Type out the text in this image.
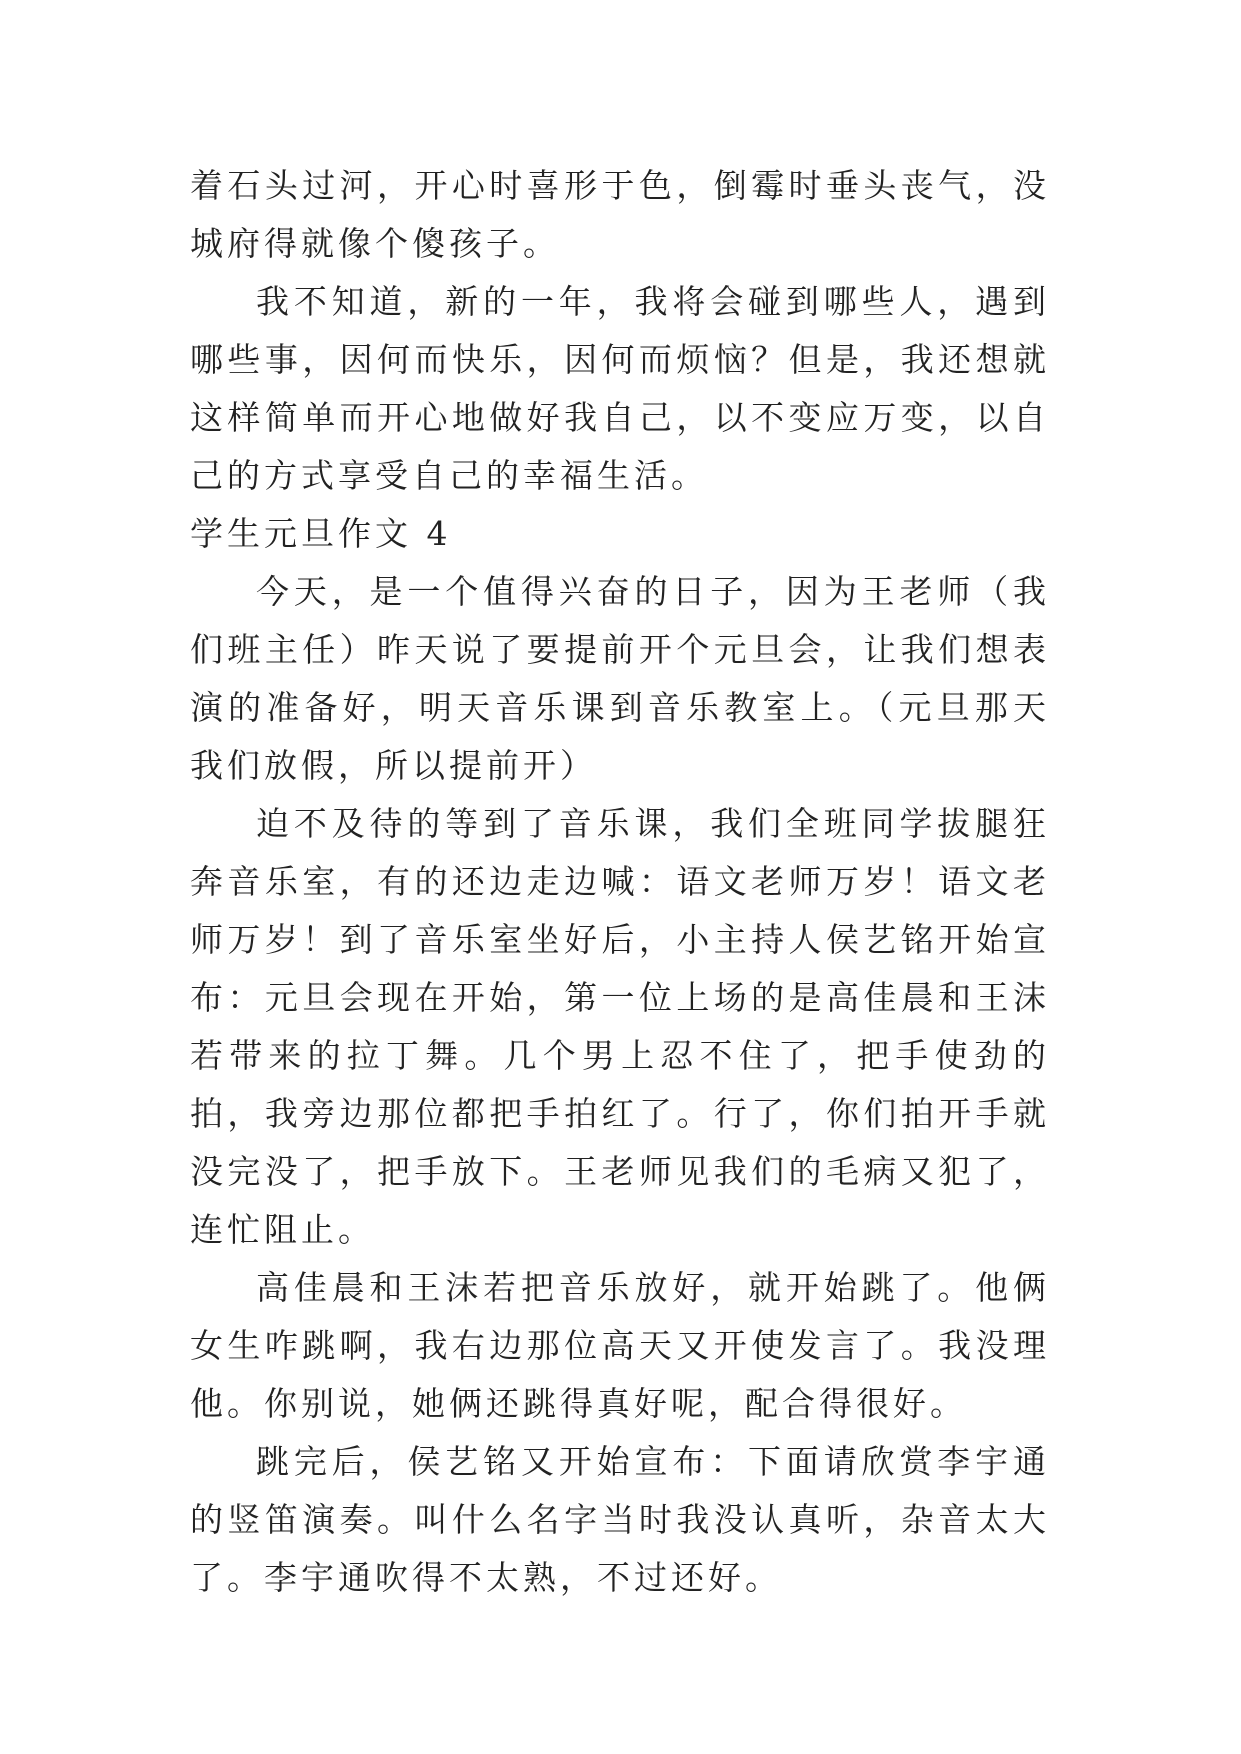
着石头过河，开心时喜形于色，倒霉时垂头丧气，没城府得就像个傻孩子。

我不知道，新的一年，我将会碰到哪些人，遇到哪些事，因何而快乐，因何而烦恼？但是，我还想就这样简单而开心地做好我自己，以不变应万变，以自己的方式享受自己的幸福生活。

学生元旦作文 4

今天，是一个值得兴奋的日子，因为王老师（我们班主任）昨天说了要提前开个元旦会，让我们想表演的准备好，明天音乐课到音乐教室上。（元旦那天我们放假，所以提前开）

迫不及待的等到了音乐课，我们全班同学拔腿狂奔音乐室，有的还边走边喊：语文老师万岁！语文老师万岁！到了音乐室坐好后，小主持人侯艺铭开始宣布：元旦会现在开始，第一位上场的是高佳晨和王沫若带来的拉丁舞。几个男上忍不住了，把手使劲的拍，我旁边那位都把手拍红了。行了，你们拍开手就没完没了，把手放下。王老师见我们的毛病又犯了，连忙阻止。

高佳晨和王沫若把音乐放好，就开始跳了。他俩女生咋跳啊，我右边那位高天又开使发言了。我没理他。你别说，她俩还跳得真好呢，配合得很好。

跳完后，侯艺铭又开始宣布：下面请欣赏李宇通的竖笛演奏。叫什么名字当时我没认真听，杂音太大了。李宇通吹得不太熟，不过还好。
